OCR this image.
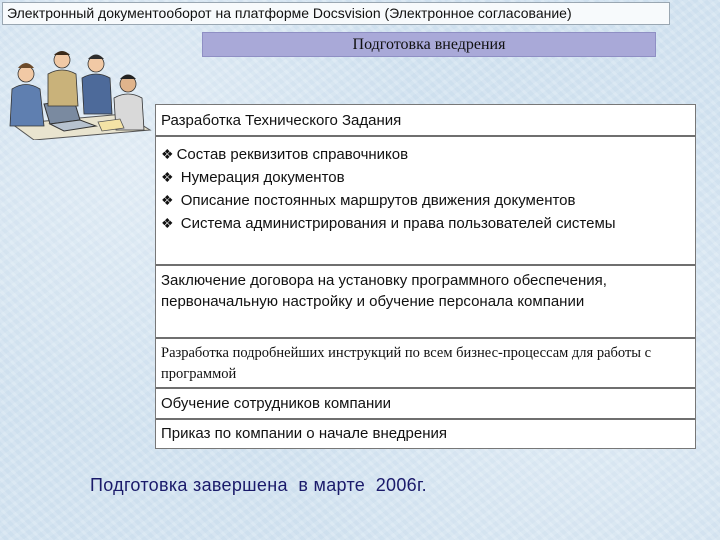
Электронный документооборот на платформе Docsvision (Электронное согласование)
Подготовка внедрения
Разработка Технического Задания
❖ Состав реквизитов справочников
❖ Нумерация документов
❖ Описание постоянных маршрутов движения документов
❖ Система администрирования и права пользователей системы
Заключение договора на установку программного обеспечения, первоначальную настройку и обучение персонала компании
Разработка подробнейших инструкций по всем бизнес-процессам для работы с программой
Обучение сотрудников компании
Приказ по компании о начале внедрения
Подготовка завершена  в марте  2006г.
